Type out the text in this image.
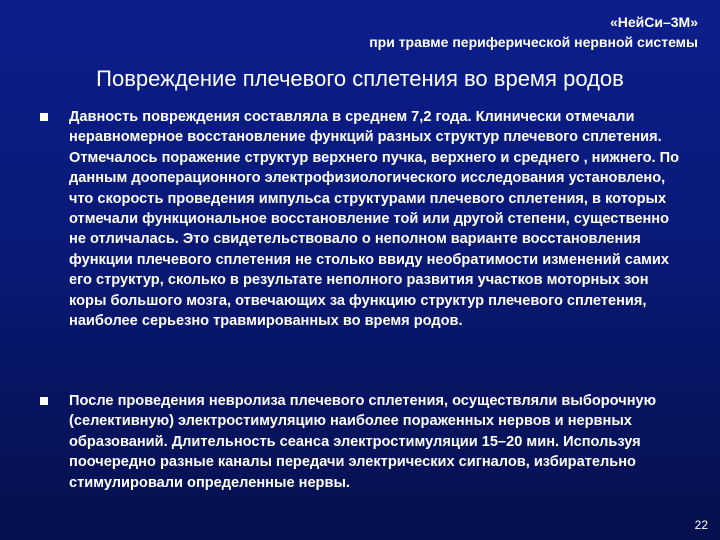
«НейСи–3М»
при травме периферической нервной системы
Повреждение плечевого сплетения во время родов
Давность повреждения составляла в среднем 7,2 года. Клинически отмечали неравномерное восстановление функций разных структур плечевого сплетения. Отмечалось поражение структур верхнего пучка, верхнего и среднего , нижнего. По данным дооперационного электрофизиологического исследования установлено, что скорость проведения импульса структурами плечевого сплетения, в которых отмечали функциональное восстановление той или другой степени, существенно не отличалась. Это свидетельствовало о неполном варианте восстановления функции плечевого сплетения не столько ввиду необратимости изменений самих его структур, сколько в результате неполного развития участков моторных зон коры большого мозга, отвечающих за функцию структур плечевого сплетения, наиболее серьезно травмированных во время родов.
После проведения невролиза плечевого сплетения, осуществляли выборочную (селективную) электростимуляцию наиболее пораженных нервов и нервных образований. Длительность сеанса электростимуляции 15–20 мин. Используя поочередно разные каналы передачи электрических сигналов, избирательно стимулировали определенные нервы.
22
